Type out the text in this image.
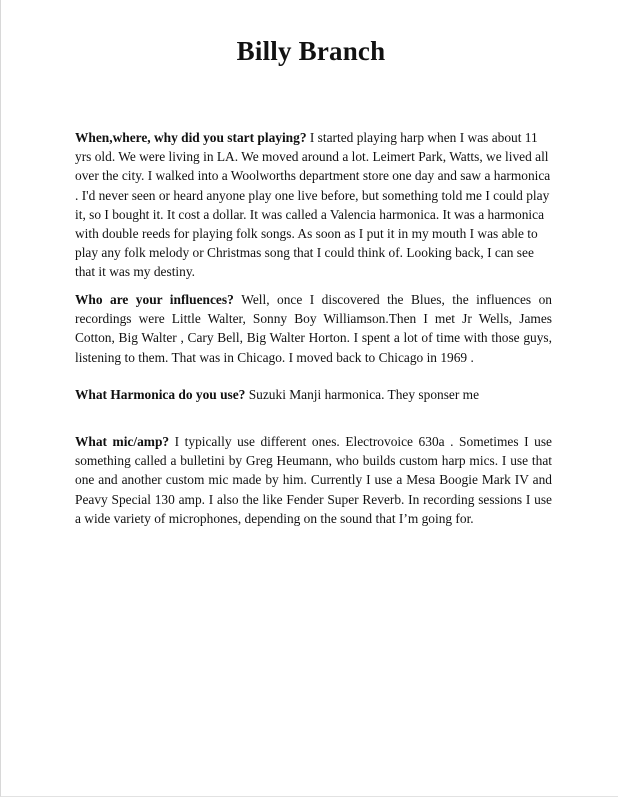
Billy Branch

When,where, why did you start playing? I started playing harp when I was about 11 yrs old. We were living in LA. We moved around a lot. Leimert Park, Watts, we lived all over the city. I walked into a Woolworths department store one day and saw a harmonica . I'd never seen or heard anyone play one live before, but something told me I could play it, so I bought it. It cost a dollar. It was called a Valencia harmonica. It was a harmonica with double reeds for playing folk songs. As soon as I put it in my mouth I was able to play any folk melody or Christmas song that I could think of. Looking back, I can see that it was my destiny.

Who are your influences? Well, once I discovered the Blues, the influences on recordings were Little Walter, Sonny Boy Williamson.Then I met Jr Wells, James Cotton, Big Walter , Cary Bell, Big Walter Horton. I spent a lot of time with those guys, listening to them. That was in Chicago. I moved back to Chicago in 1969 .

What Harmonica do you use? Suzuki Manji harmonica. They sponser me

What mic/amp? I typically use different ones. Electrovoice 630a . Sometimes I use something called a bulletini by Greg Heumann, who builds custom harp mics. I use that one and another custom mic made by him. Currently I use a Mesa Boogie Mark IV and Peavy Special 130 amp. I also the like Fender Super Reverb. In recording sessions I use a wide variety of microphones, depending on the sound that I’m going for.
